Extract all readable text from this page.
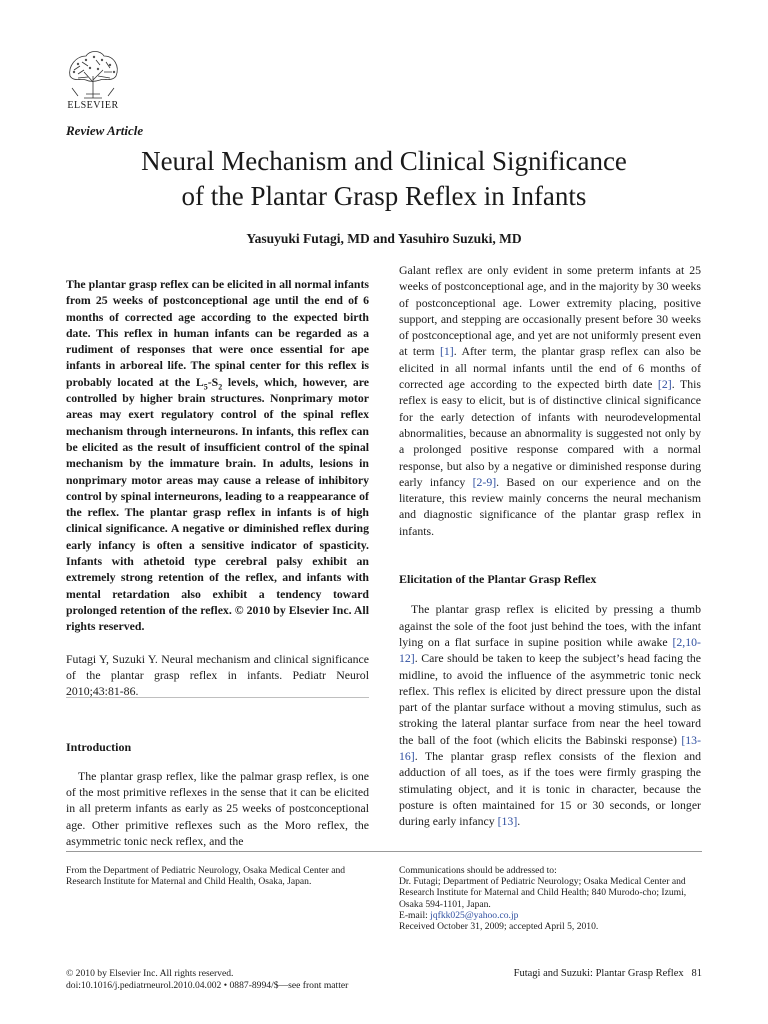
ELSEVIER
Review Article
Neural Mechanism and Clinical Significance
of the Plantar Grasp Reflex in Infants
Yasuyuki Futagi, MD and Yasuhiro Suzuki, MD

The plantar grasp reflex can be elicited in all normal infants from 25 weeks of postconceptional age until the end of 6 months of corrected age according to the expected birth date. This reflex in human infants can be regarded as a rudiment of responses that were once essential for ape infants in arboreal life. The spinal center for this reflex is probably located at the $L_5-S_2$ levels, which, however, are controlled by higher brain structures. Nonprimary motor areas may exert regulatory control of the spinal reflex mechanism through interneurons. In infants, this reflex can be elicited as the result of insufficient control of the spinal mechanism by the immature brain. In adults, lesions in nonprimary motor areas may cause a release of inhibitory control by spinal interneurons, leading to a reappearance of the reflex. The plantar grasp reflex in infants is of high clinical significance. A negative or diminished reflex during early infancy is often a sensitive indicator of spasticity. Infants with athetoid type cerebral palsy exhibit an extremely strong retention of the reflex, and infants with mental retardation also exhibit a tendency toward prolonged retention of the reflex. © 2010 by Elsevier Inc. All rights reserved.

Futagi Y, Suzuki Y. Neural mechanism and clinical significance of the plantar grasp reflex in infants. Pediatr Neurol 2010;43:81-86.

Introduction

The plantar grasp reflex, like the palmar grasp reflex, is one of the most primitive reflexes in the sense that it can be elicited in all preterm infants as early as 25 weeks of postconceptional age. Other primitive reflexes such as the Moro reflex, the asymmetric tonic neck reflex, and the

Galant reflex are only evident in some preterm infants at 25 weeks of postconceptional age, and in the majority by 30 weeks of postconceptional age. Lower extremity placing, positive support, and stepping are occasionally present before 30 weeks of postconceptional age, and yet are not uniformly present even at term [1]. After term, the plantar grasp reflex can also be elicited in all normal infants until the end of 6 months of corrected age according to the expected birth date [2]. This reflex is easy to elicit, but is of distinctive clinical significance for the early detection of infants with neurodevelopmental abnormalities, because an abnormality is suggested not only by a prolonged positive response compared with a normal response, but also by a negative or diminished response during early infancy [2-9]. Based on our experience and on the literature, this review mainly concerns the neural mechanism and diagnostic significance of the plantar grasp reflex in infants.

Elicitation of the Plantar Grasp Reflex

The plantar grasp reflex is elicited by pressing a thumb against the sole of the foot just behind the toes, with the infant lying on a flat surface in supine position while awake [2,10-12]. Care should be taken to keep the subject’s head facing the midline, to avoid the influence of the asymmetric tonic neck reflex. This reflex is elicited by direct pressure upon the distal part of the plantar surface without a moving stimulus, such as stroking the lateral plantar surface from near the heel toward the ball of the foot (which elicits the Babinski response) [13-16]. The plantar grasp reflex consists of the flexion and adduction of all toes, as if the toes were firmly grasping the stimulating object, and it is tonic in character, because the posture is often maintained for 15 or 30 seconds, or longer during early infancy [13].

From the Department of Pediatric Neurology, Osaka Medical Center and Research Institute for Maternal and Child Health, Osaka, Japan.
Communications should be addressed to:
Dr. Futagi; Department of Pediatric Neurology; Osaka Medical Center and Research Institute for Maternal and Child Health; 840 Murodo-cho; Izumi, Osaka 594-1101, Japan.
E-mail: jqfkk025@yahoo.co.jp
Received October 31, 2009; accepted April 5, 2010.
© 2010 by Elsevier Inc. All rights reserved.
doi:10.1016/j.pediatrneurol.2010.04.002 • 0887-8994/$—see front matter
Futagi and Suzuki: Plantar Grasp Reflex 81
